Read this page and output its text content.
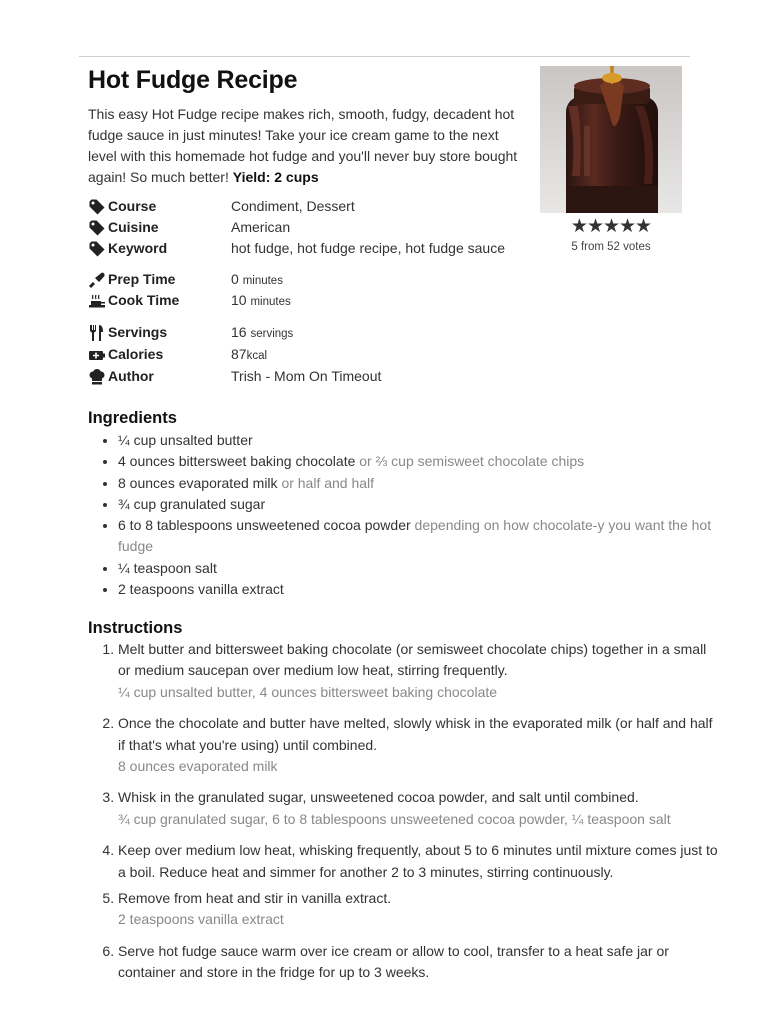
Hot Fudge Recipe
This easy Hot Fudge recipe makes rich, smooth, fudgy, decadent hot fudge sauce in just minutes! Take your ice cream game to the next level with this homemade hot fudge and you'll never buy store bought again! So much better! Yield: 2 cups
★★★★★
5 from 52 votes
Course	Condiment, Dessert
Cuisine	American
Keyword	hot fudge, hot fudge recipe, hot fudge sauce
Prep Time	0 minutes
Cook Time	10 minutes
Servings	16 servings
Calories	87kcal
Author	Trish - Mom On Timeout
Ingredients
• ¼ cup unsalted butter
• 4 ounces bittersweet baking chocolate or ⅔ cup semisweet chocolate chips
• 8 ounces evaporated milk or half and half
• ¾ cup granulated sugar
• 6 to 8 tablespoons unsweetened cocoa powder depending on how chocolate-y you want the hot fudge
• ¼ teaspoon salt
• 2 teaspoons vanilla extract
Instructions
1. Melt butter and bittersweet baking chocolate (or semisweet chocolate chips) together in a small or medium saucepan over medium low heat, stirring frequently.
¼ cup unsalted butter, 4 ounces bittersweet baking chocolate
2. Once the chocolate and butter have melted, slowly whisk in the evaporated milk (or half and half if that's what you're using) until combined.
8 ounces evaporated milk
3. Whisk in the granulated sugar, unsweetened cocoa powder, and salt until combined.
¾ cup granulated sugar, 6 to 8 tablespoons unsweetened cocoa powder, ¼ teaspoon salt
4. Keep over medium low heat, whisking frequently, about 5 to 6 minutes until mixture comes just to a boil. Reduce heat and simmer for another 2 to 3 minutes, stirring continuously.
5. Remove from heat and stir in vanilla extract.
2 teaspoons vanilla extract
6. Serve hot fudge sauce warm over ice cream or allow to cool, transfer to a heat safe jar or container and store in the fridge for up to 3 weeks.
